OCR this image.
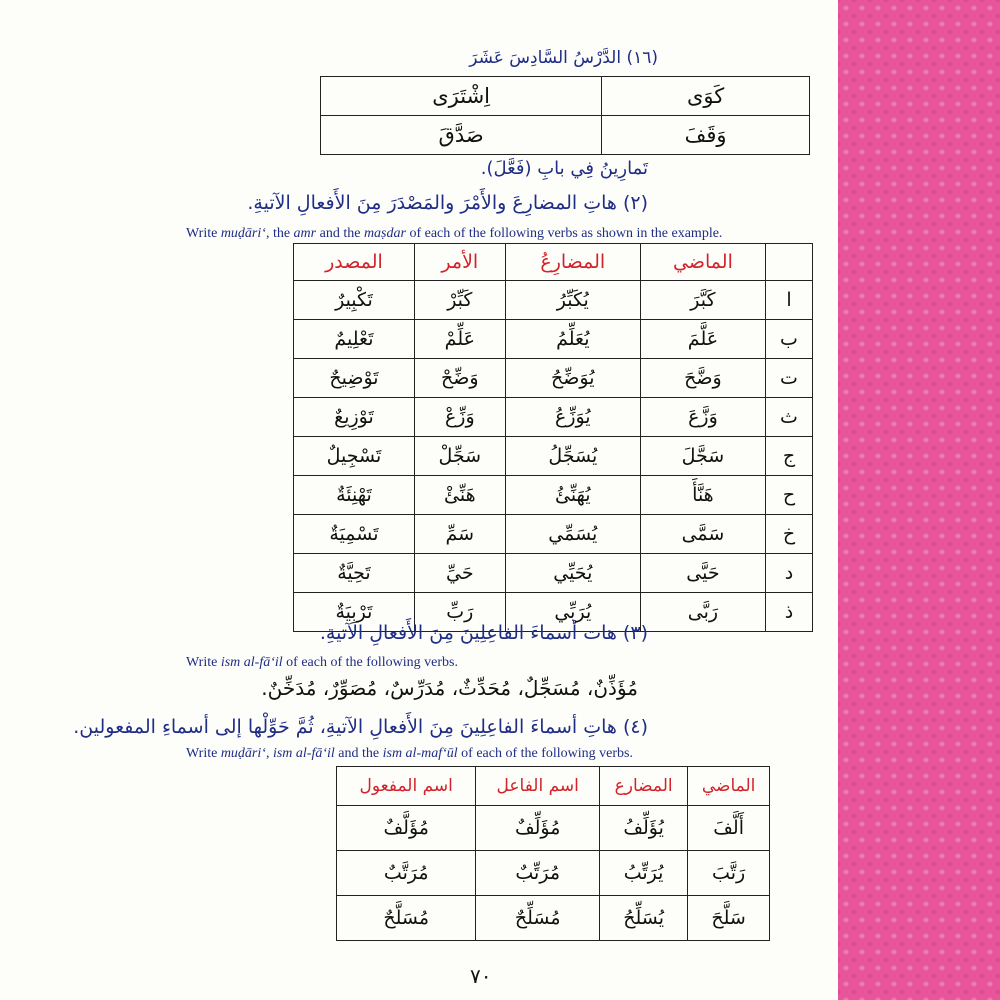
(١٦) الدَّرْسُ السَّادِسَ عَشَرَ
كَوَى	اِشْتَرَى
وَقَفَ	صَدَّقَ
تَمارِينُ فِي بابِ (فَعَّلَ).
(٢) هاتِ المضارِعَ والأَمْرَ والمَصْدَرَ مِنَ الأَفعالِ الآتيةِ.
Write muḍāri‘, the amr and the maṣdar of each of the following verbs as shown in the example.
	الماضي	المضارِعُ	الأمر	المصدر
ا	كَبَّرَ	يُكَبِّرُ	كَبِّرْ	تَكْبِيرٌ
ب	عَلَّمَ	يُعَلِّمُ	عَلِّمْ	تَعْلِيمٌ
ت	وَضَّحَ	يُوَضِّحُ	وَضِّحْ	تَوْضِيحٌ
ث	وَزَّعَ	يُوَزِّعُ	وَزِّعْ	تَوْزِيعٌ
ج	سَجَّلَ	يُسَجِّلُ	سَجِّلْ	تَسْجِيلٌ
ح	هَنَّأَ	يُهَنِّئُ	هَنِّئْ	تَهْنِئَةٌ
خ	سَمَّى	يُسَمِّي	سَمِّ	تَسْمِيَةٌ
د	حَيَّى	يُحَيِّي	حَيِّ	تَحِيَّةٌ
ذ	رَبَّى	يُرَبِّي	رَبِّ	تَرْبِيَةٌ
(٣) هات أسماءَ الفاعِلِينَ مِنَ الأَفعالِ الآتيةِ.
Write ism al-fā‘il of each of the following verbs.
مُؤَذِّنٌ، مُسَجِّلٌ، مُحَدِّثٌ، مُدَرِّسٌ، مُصَوِّرٌ، مُدَخِّنٌ.
(٤) هاتِ أسماءَ الفاعِلِينَ مِنَ الأَفعالِ الآتيةِ، ثُمَّ حَوِّلْها إلى أسماءِ المفعولين.
Write muḍāri‘, ism al-fā‘il and the ism al-maf‘ūl of each of the following verbs.
الماضي	المضارع	اسم الفاعل	اسم المفعول
أَلَّفَ	يُؤَلِّفُ	مُؤَلِّفٌ	مُؤَلَّفٌ
رَتَّبَ	يُرَتِّبُ	مُرَتِّبٌ	مُرَتَّبٌ
سَلَّحَ	يُسَلِّحُ	مُسَلِّحٌ	مُسَلَّحٌ
٧٠
